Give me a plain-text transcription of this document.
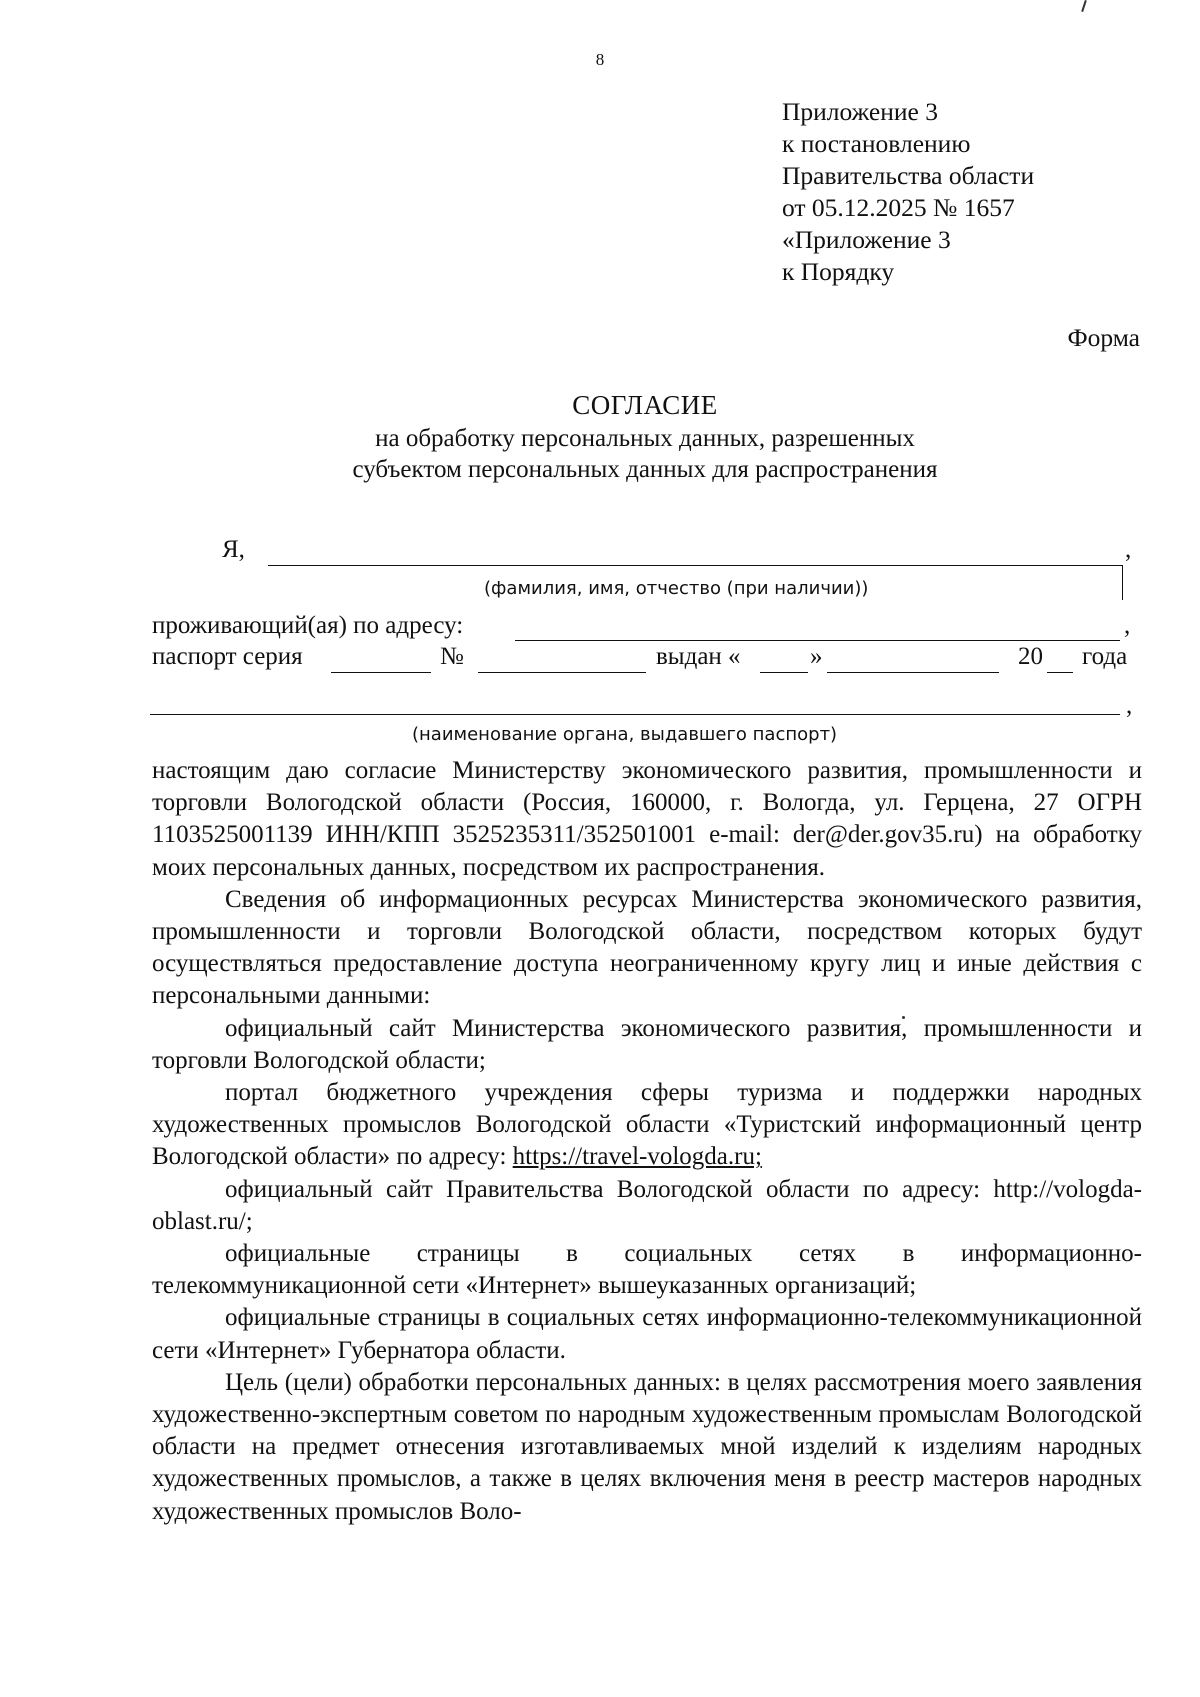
8
Приложение 3
к постановлению
Правительства области
от 05.12.2025 № 1657
«Приложение 3
к Порядку
Форма
СОГЛАСИЕ
на обработку персональных данных, разрешенных
субъектом персональных данных для распространения
Я,	,
(фамилия, имя, отчество (при наличии))
проживающий(ая) по адресу:	,
паспорт серия	№	выдан «	»	20 года
,
(наименование органа, выдавшего паспорт)

настоящим даю согласие Министерству экономического развития, промышленности и торговли Вологодской области (Россия, 160000, г. Вологда, ул. Герцена, 27 ОГРН 1103525001139 ИНН/КПП 3525235311/352501001 e-mail: der@der.gov35.ru) на обработку моих персональных данных, посредством их распространения.

Сведения об информационных ресурсах Министерства экономического развития, промышленности и торговли Вологодской области, посредством которых будут осуществляться предоставление доступа неограниченному кругу лиц и иные действия с персональными данными:

официальный сайт Министерства экономического развития, промышленности и торговли Вологодской области;

портал бюджетного учреждения сферы туризма и поддержки народных художественных промыслов Вологодской области «Туристский информационный центр Вологодской области» по адресу: https://travel-vologda.ru;

официальный сайт Правительства Вологодской области по адресу: http://vologda-oblast.ru/;

официальные страницы в социальных сетях в информационно-телекоммуникационной сети «Интернет» вышеуказанных организаций;

официальные страницы в социальных сетях информационно-телекоммуникационной сети «Интернет» Губернатора области.

Цель (цели) обработки персональных данных: в целях рассмотрения моего заявления художественно-экспертным советом по народным художественным промыслам Вологодской области на предмет отнесения изготавливаемых мной изделий к изделиям народных художественных промыслов, а также в целях включения меня в реестр мастеров народных художественных промыслов Воло-
